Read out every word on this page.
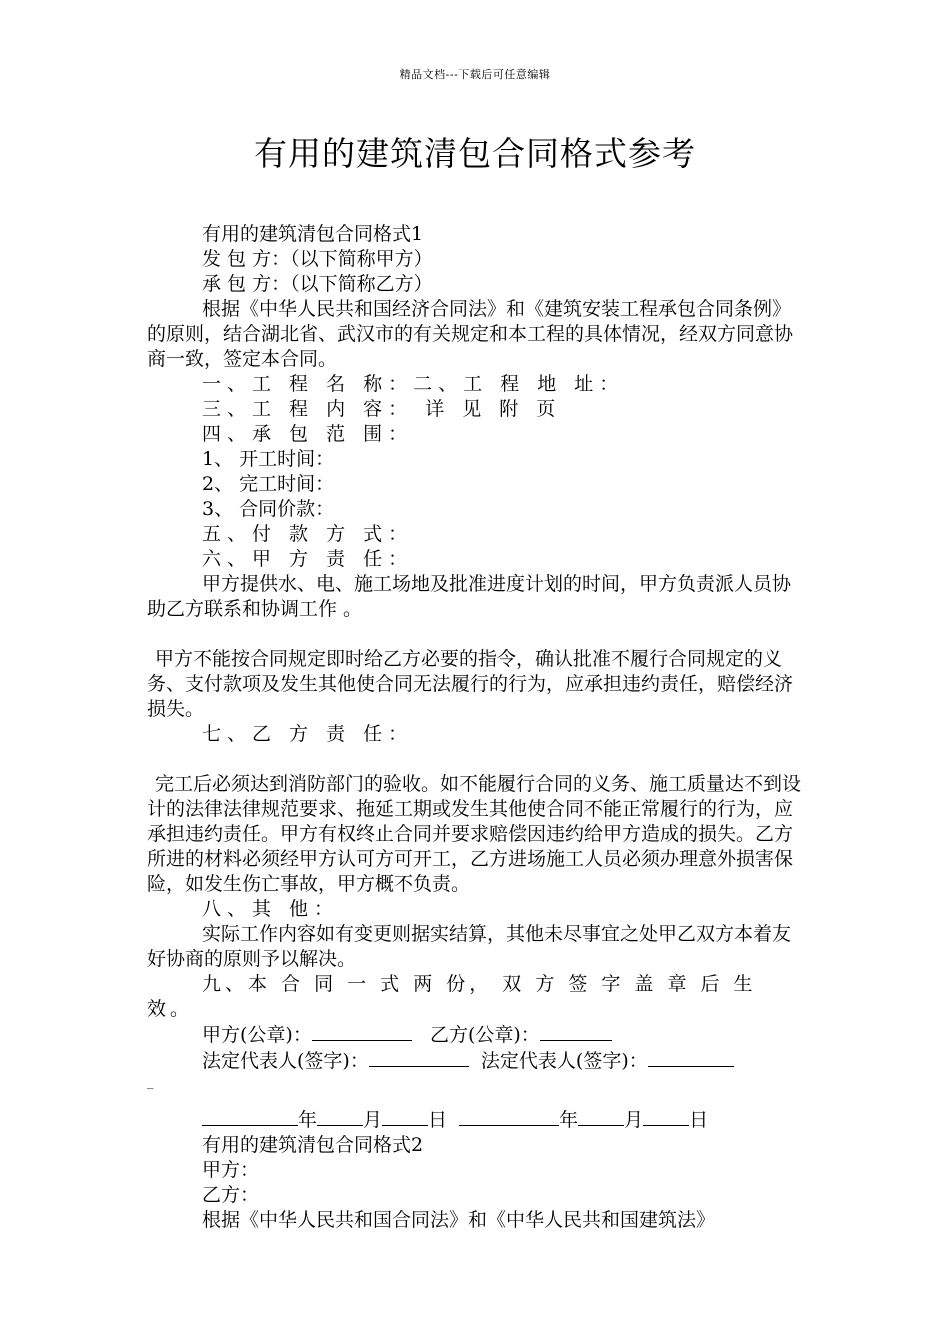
精品文档---下载后可任意编辑
有用的建筑清包合同格式参考

有用的建筑清包合同格式1

发 包 方：（以下简称甲方）

承 包 方：（以下简称乙方）

根据《中华人民共和国经济合同法》和《建筑安装工程承包合同条例》的原则，结合湖北省、武汉市的有关规定和本工程的具体情况，经双方同意协商一致，签定本合同。

一、工 程 名 称：二、工 程 地 址：

三、工 程 内 容： 详 见 附 页

四、承 包 范 围：

1、 开工时间：

2、 完工时间：

3、 合同价款：

五、付 款 方 式：

六、甲 方 责 任：

甲方提供水、电、施工场地及批准进度计划的时间，甲方负责派人员协助乙方联系和协调工作 。

甲方不能按合同规定即时给乙方必要的指令，确认批准不履行合同规定的义务、支付款项及发生其他使合同无法履行的行为，应承担违约责任，赔偿经济损失。

七、乙 方 责 任：

完工后必须达到消防部门的验收。如不能履行合同的义务、施工质量达不到设计的法律法律规范要求、拖延工期或发生其他使合同不能正常履行的行为，应承担违约责任。甲方有权终止合同并要求赔偿因违约给甲方造成的损失。乙方所进的材料必须经甲方认可方可开工，乙方进场施工人员必须办理意外损害保险，如发生伤亡事故，甲方概不负责。

八、其 他：

实际工作内容如有变更则据实结算，其他未尽事宜之处甲乙双方本着友好协商的原则予以解决。

九、本 合 同 一 式 两 份， 双 方 签 字 盖 章 后 生 效。

甲方(公章)：	乙方(公章)：

法定代表人(签字)：	法定代表人(签字)：

_

年 月 日	年 月 日

有用的建筑清包合同格式2

甲方：

乙方：

根据《中华人民共和国合同法》和《中华人民共和国建筑法》
